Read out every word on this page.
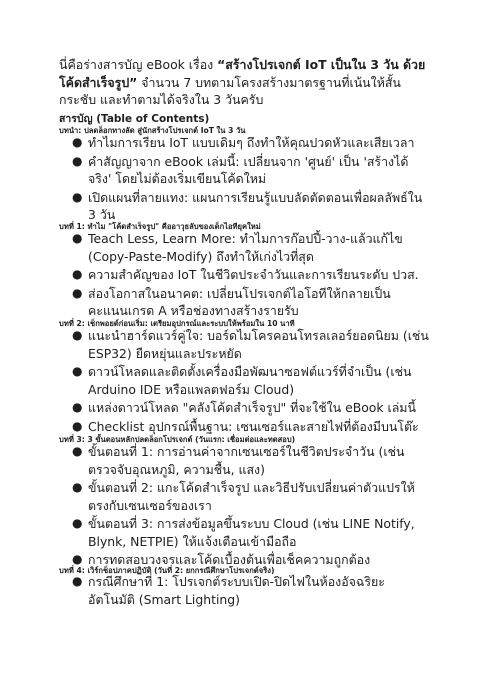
นี่คือร่างสารบัญ eBook เรื่อง “สร้างโปรเจกต์ IoT เป็นใน 3 วัน ด้วยโค้ดสำเร็จรูป” จำนวน 7 บทตามโครงสร้างมาตรฐานที่เน้นให้สั้นกระชับ และทำตามได้จริงใน 3 วันครับ
สารบัญ (Table of Contents)
บทนำ: ปลดล็อกทางลัด สู่นักสร้างโปรเจกต์ IoT ใน 3 วัน
● ทำไมการเรียน IoT แบบเดิมๆ ถึงทำให้คุณปวดหัวและเสียเวลา
● คำสัญญาจาก eBook เล่มนี้: เปลี่ยนจาก 'ศูนย์' เป็น 'สร้างได้จริง' โดยไม่ต้องเริ่มเขียนโค้ดใหม่
● เปิดแผนที่ลายแทง: แผนการเรียนรู้แบบลัดตัดตอนเพื่อผลลัพธ์ใน 3 วัน
บทที่ 1: ทำไม "โค้ดสำเร็จรูป" คืออาวุธลับของเด็กไอทียุคใหม่
● Teach Less, Learn More: ทำไมการก๊อปปี้-วาง-แล้วแก้ไข (Copy-Paste-Modify) ถึงทำให้เก่งไวที่สุด
● ความสำคัญของ IoT ในชีวิตประจำวันและการเรียนระดับ ปวส.
● ส่องโอกาสในอนาคต: เปลี่ยนโปรเจกต์ไอโอทีให้กลายเป็นคะแนนเกรด A หรือช่องทางสร้างรายรับ
บทที่ 2: เช็กพอยต์ก่อนเริ่ม: เตรียมอุปกรณ์และระบบให้พร้อมใน 10 นาที
● แนะนำฮาร์ดแวร์คู่ใจ: บอร์ดไมโครคอนโทรลเลอร์ยอดนิยม (เช่น ESP32) ยืดหยุ่นและประหยัด
● ดาวน์โหลดและติดตั้งเครื่องมือพัฒนาซอฟต์แวร์ที่จำเป็น (เช่น Arduino IDE หรือแพลตฟอร์ม Cloud)
● แหล่งดาวน์โหลด "คลังโค้ดสำเร็จรูป" ที่จะใช้ใน eBook เล่มนี้
● Checklist อุปกรณ์พื้นฐาน: เซนเซอร์และสายไฟที่ต้องมีบนโต๊ะ
บทที่ 3: 3 ขั้นตอนหลักปลดล็อกโปรเจกต์ (วันแรก: เชื่อมต่อและทดสอบ)
● ขั้นตอนที่ 1: การอ่านค่าจากเซนเซอร์ในชีวิตประจำวัน (เช่น ตรวจจับอุณหภูมิ, ความชื้น, แสง)
● ขั้นตอนที่ 2: แกะโค้ดสำเร็จรูป และวิธีปรับเปลี่ยนค่าตัวแปรให้ตรงกับเซนเซอร์ของเรา
● ขั้นตอนที่ 3: การส่งข้อมูลขึ้นระบบ Cloud (เช่น LINE Notify, Blynk, NETPIE) ให้แจ้งเตือนเข้ามือถือ
● การทดสอบวงจรและโค้ดเบื้องต้นเพื่อเช็คความถูกต้อง
บทที่ 4: เวิร์กช็อปภาคปฏิบัติ (วันที่ 2: ยกกรณีศึกษาโปรเจกต์จริง)
● กรณีศึกษาที่ 1: โปรเจกต์ระบบเปิด-ปิดไฟในห้องอัจฉริยะอัตโนมัติ (Smart Lighting)
